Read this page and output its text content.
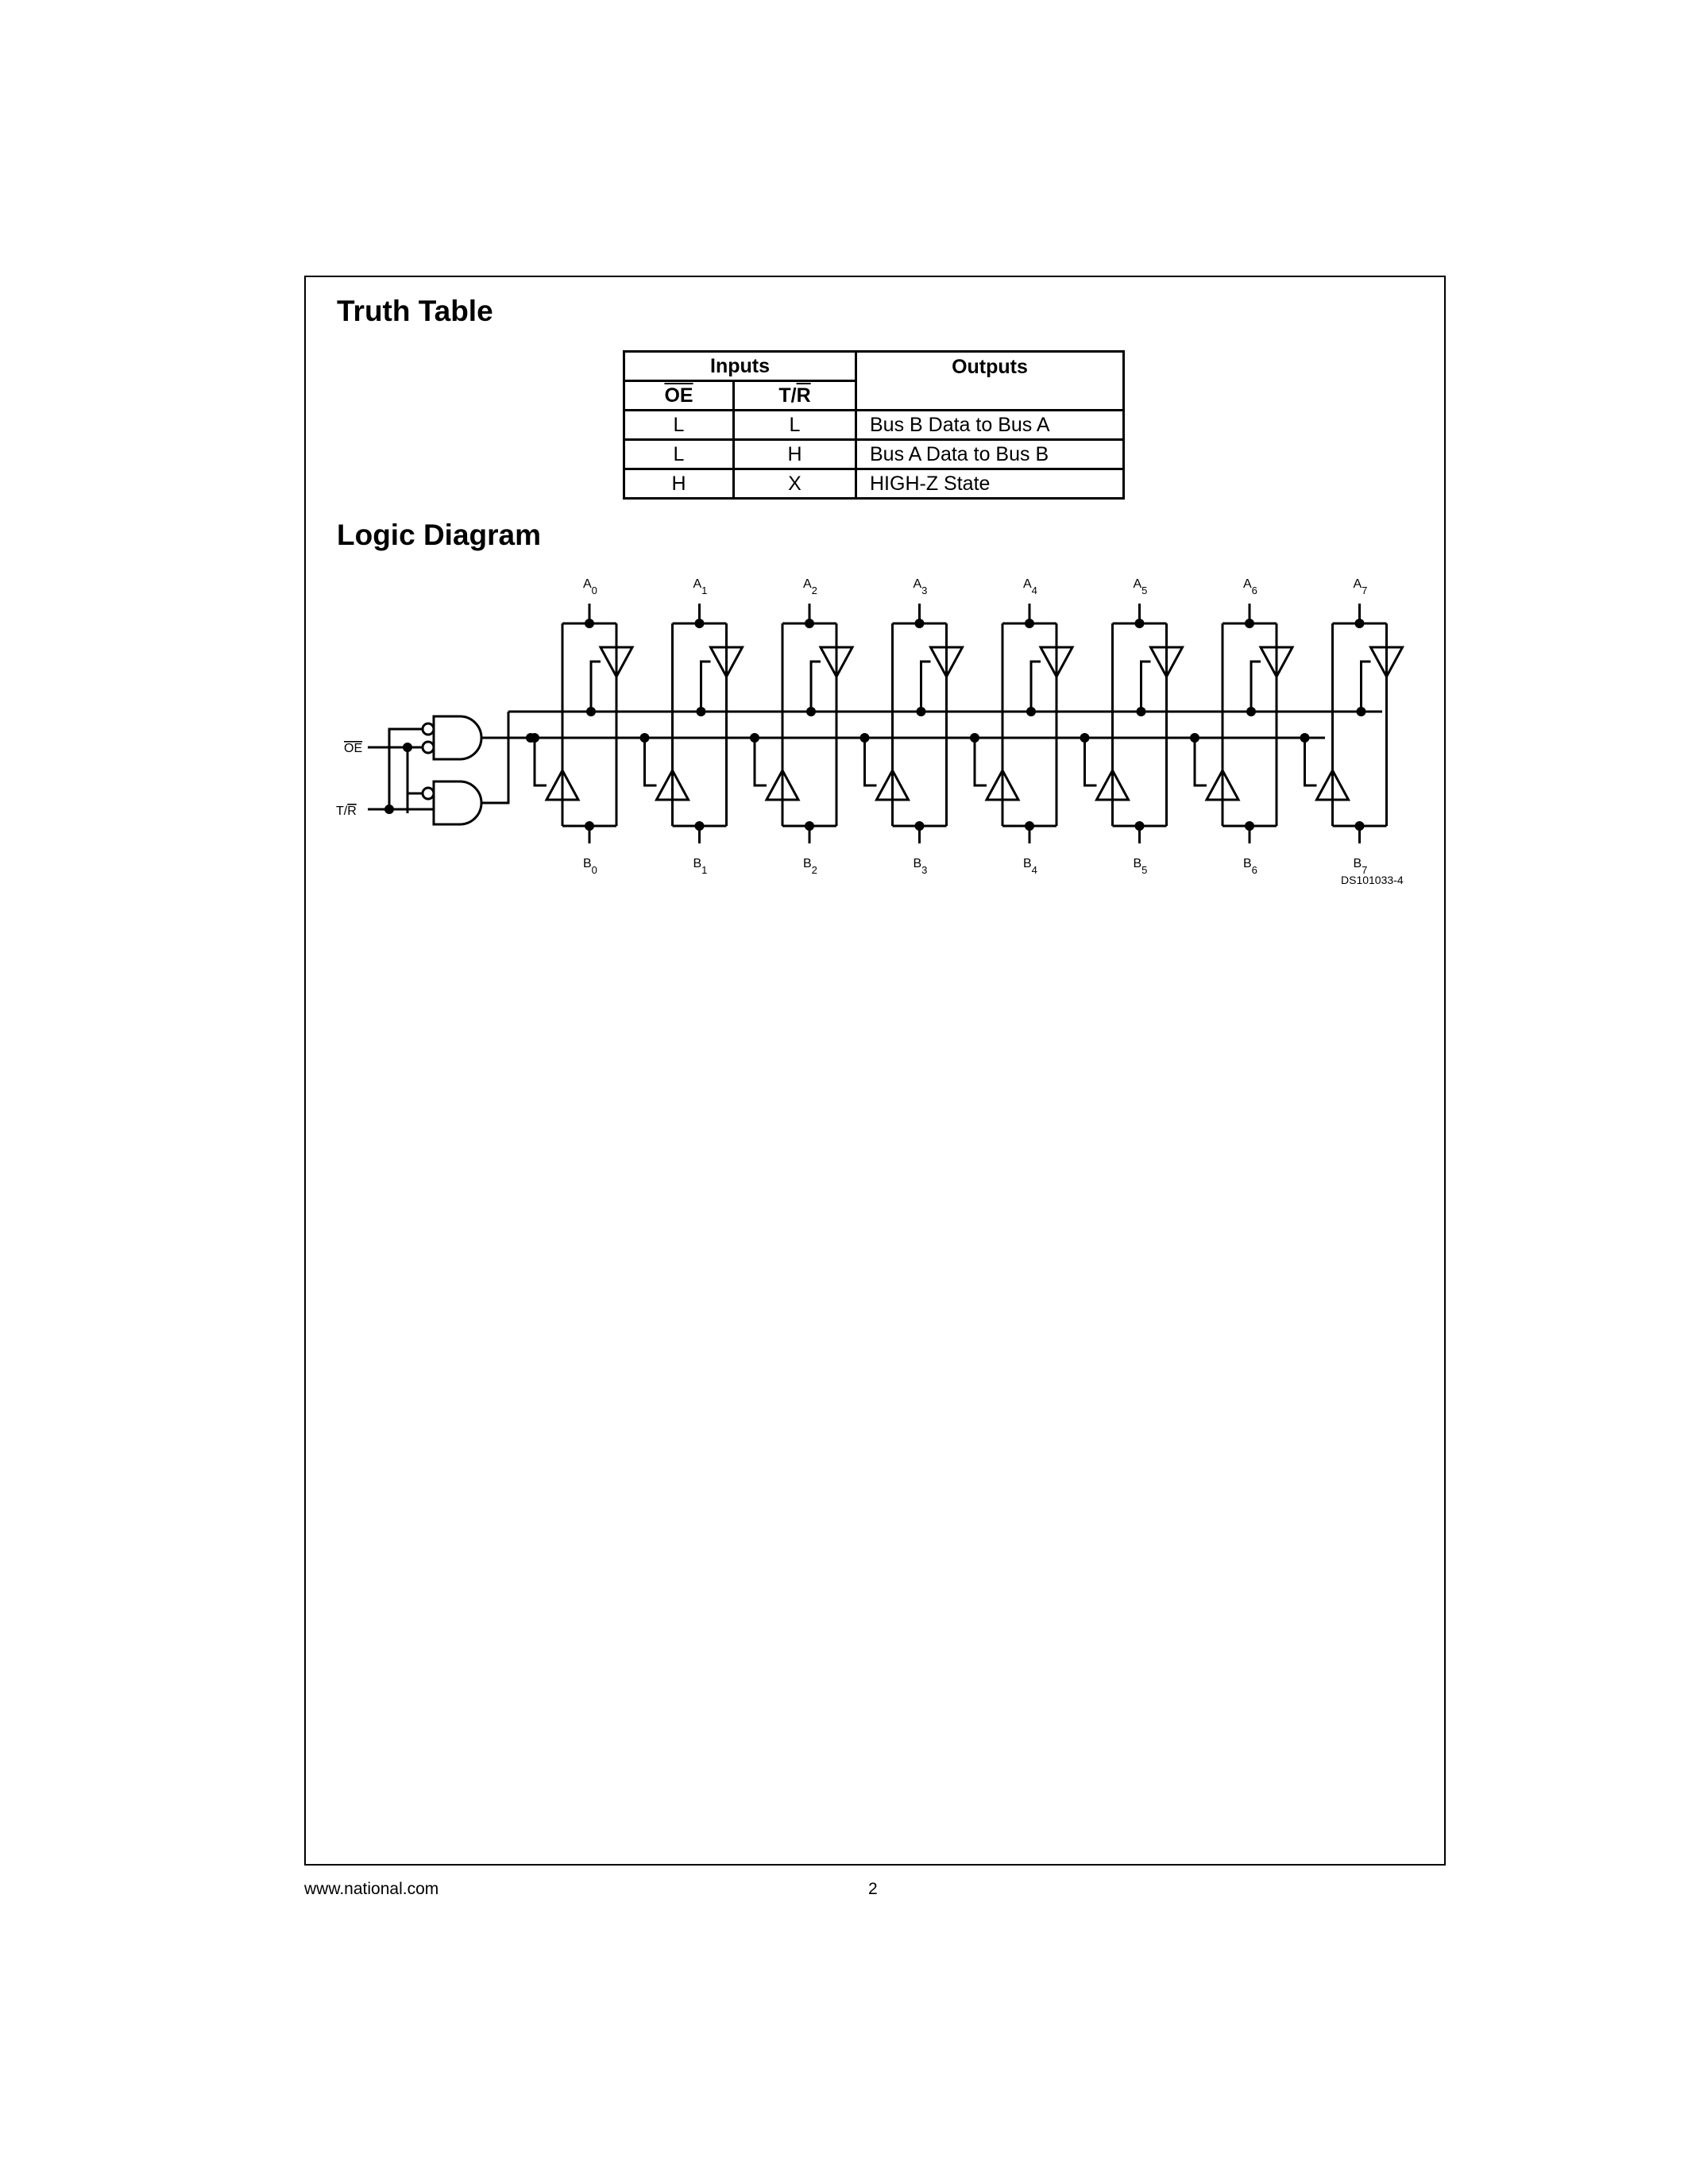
Truth Table
Inputs		Outputs
$\overline{OE}$	$T/\overline{R}$
L	L	Bus B Data to Bus A
L	H	Bus A Data to Bus B
H	X	HIGH-Z State
Logic Diagram
$A_0$
$B_0$
$A_1$
$B_1$
$A_2$
$B_2$
$A_3$
$B_3$
$A_4$
$B_4$
$A_5$
$B_5$
$A_6$
$B_6$
$A_7$
$B_7$
OE
T/R
DS101033-4
www.national.com	2
